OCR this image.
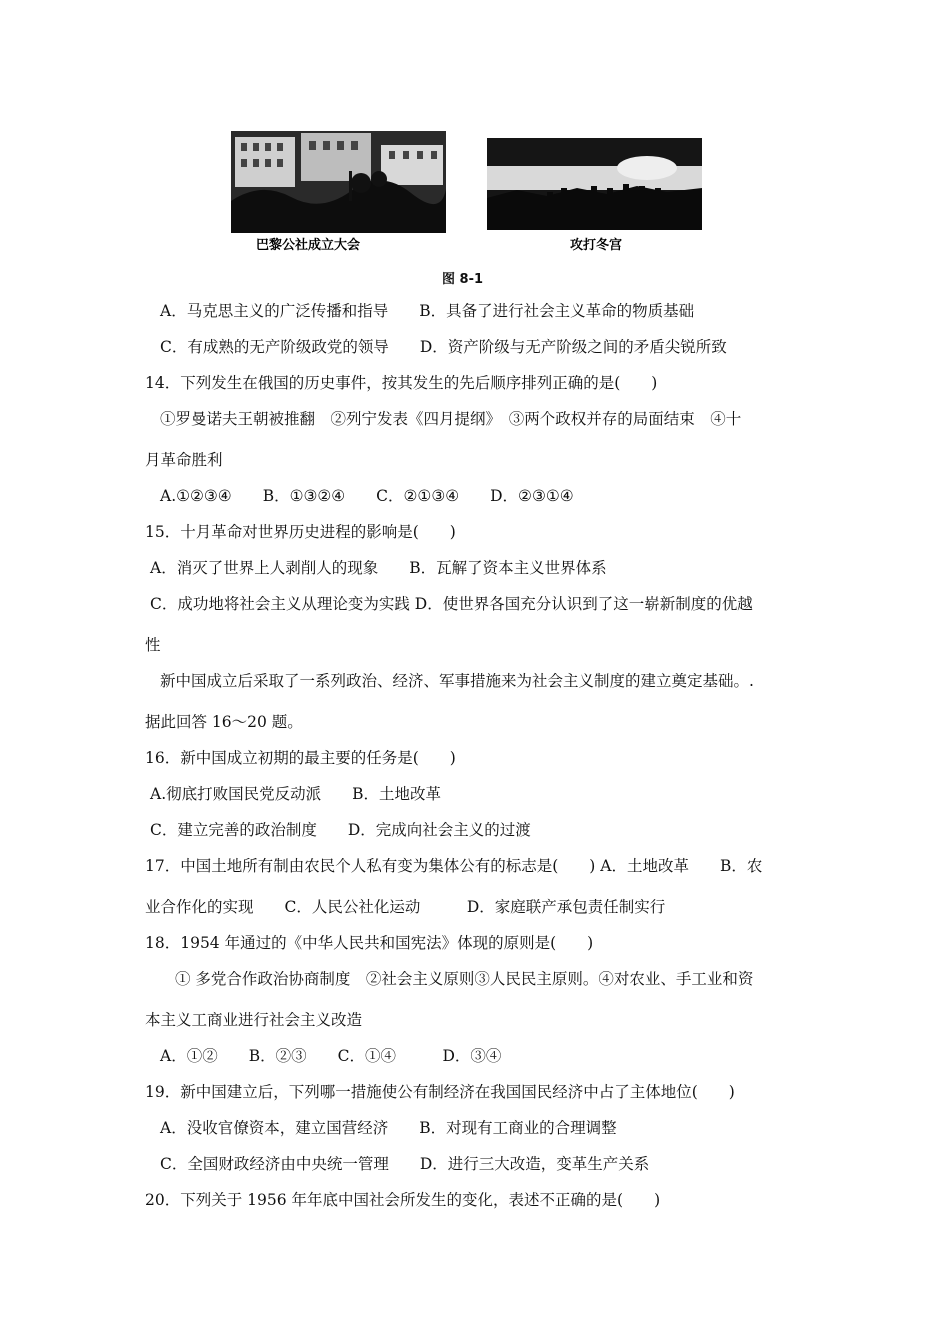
巴黎公社成立大会	攻打冬宫
图 8-1
A．马克思主义的广泛传播和指导　　B．具备了进行社会主义革命的物质基础
C．有成熟的无产阶级政党的领导　　D．资产阶级与无产阶级之间的矛盾尖锐所致
14．下列发生在俄国的历史事件，按其发生的先后顺序排列正确的是(　　)
①罗曼诺夫王朝被推翻　②列宁发表《四月提纲》　③两个政权并存的局面结束　④十
月革命胜利
A.①②③④　　B．①③②④　　C．②①③④　　D．②③①④
15．十月革命对世界历史进程的影响是(　　)
A．消灭了世界上人剥削人的现象　　B．瓦解了资本主义世界体系
C．成功地将社会主义从理论变为实践 D．使世界各国充分认识到了这一崭新制度的优越
性
新中国成立后采取了一系列政治、经济、军事措施来为社会主义制度的建立奠定基础。.
据此回答 16～20 题。
16．新中国成立初期的最主要的任务是(　　)
A.彻底打败国民党反动派　　B．土地改革
C．建立完善的政治制度　　D．完成向社会主义的过渡
17．中国土地所有制由农民个人私有变为集体公有的标志是(　　) A．土地改革　　B．农
业合作化的实现　　C．人民公社化运动　　　D．家庭联产承包责任制实行
18．1954 年通过的《中华人民共和国宪法》体现的原则是(　　)
① 多党合作政治协商制度　②社会主义原则③人民民主原则。④对农业、手工业和资
本主义工商业进行社会主义改造
A．①②　　B．②③　　C．①④　　　D．③④
19．新中国建立后，下列哪一措施使公有制经济在我国国民经济中占了主体地位(　　)
A．没收官僚资本，建立国营经济　　B．对现有工商业的合理调整
C．全国财政经济由中央统一管理　　D．进行三大改造，变革生产关系
20．下列关于 1956 年年底中国社会所发生的变化，表述不正确的是(　　)
